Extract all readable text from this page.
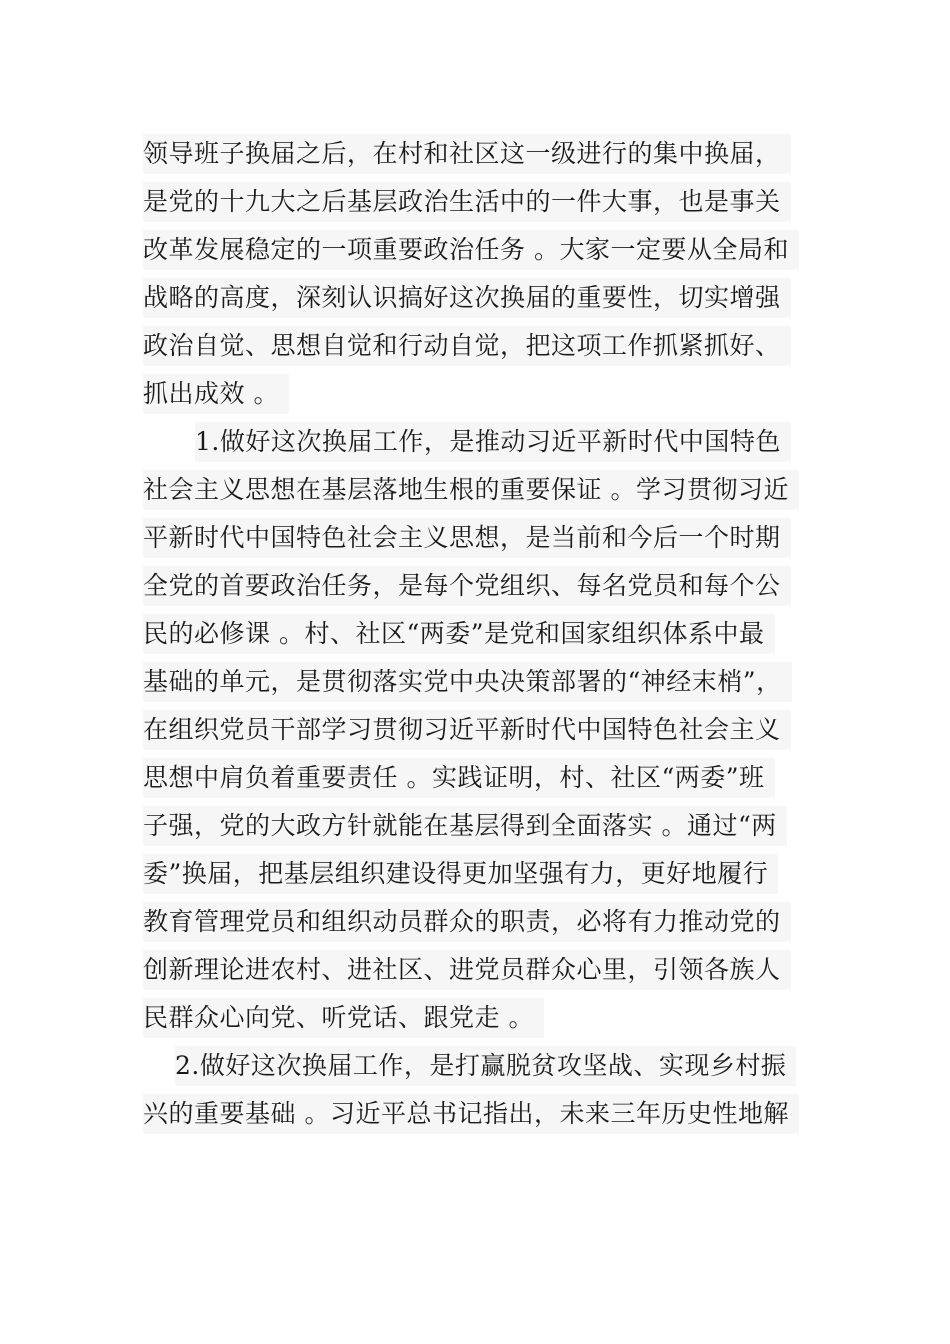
领导班子换届之后，在村和社区这一级进行的集中换届，
是党的十九大之后基层政治生活中的一件大事，也是事关
改革发展稳定的一项重要政治任务 。大家一定要从全局和
战略的高度，深刻认识搞好这次换届的重要性，切实增强
政治自觉、思想自觉和行动自觉，把这项工作抓紧抓好、
抓出成效 。
1.做好这次换届工作，是推动习近平新时代中国特色
社会主义思想在基层落地生根的重要保证 。学习贯彻习近
平新时代中国特色社会主义思想，是当前和今后一个时期
全党的首要政治任务，是每个党组织、每名党员和每个公
民的必修课 。村、社区“两委”是党和国家组织体系中最
基础的单元，是贯彻落实党中央决策部署的“神经末梢”，
在组织党员干部学习贯彻习近平新时代中国特色社会主义
思想中肩负着重要责任 。实践证明，村、社区“两委”班
子强，党的大政方针就能在基层得到全面落实 。通过“两
委”换届，把基层组织建设得更加坚强有力，更好地履行
教育管理党员和组织动员群众的职责，必将有力推动党的
创新理论进农村、进社区、进党员群众心里，引领各族人
民群众心向党、听党话、跟党走 。
2.做好这次换届工作，是打赢脱贫攻坚战、实现乡村振
兴的重要基础 。习近平总书记指出，未来三年历史性地解
